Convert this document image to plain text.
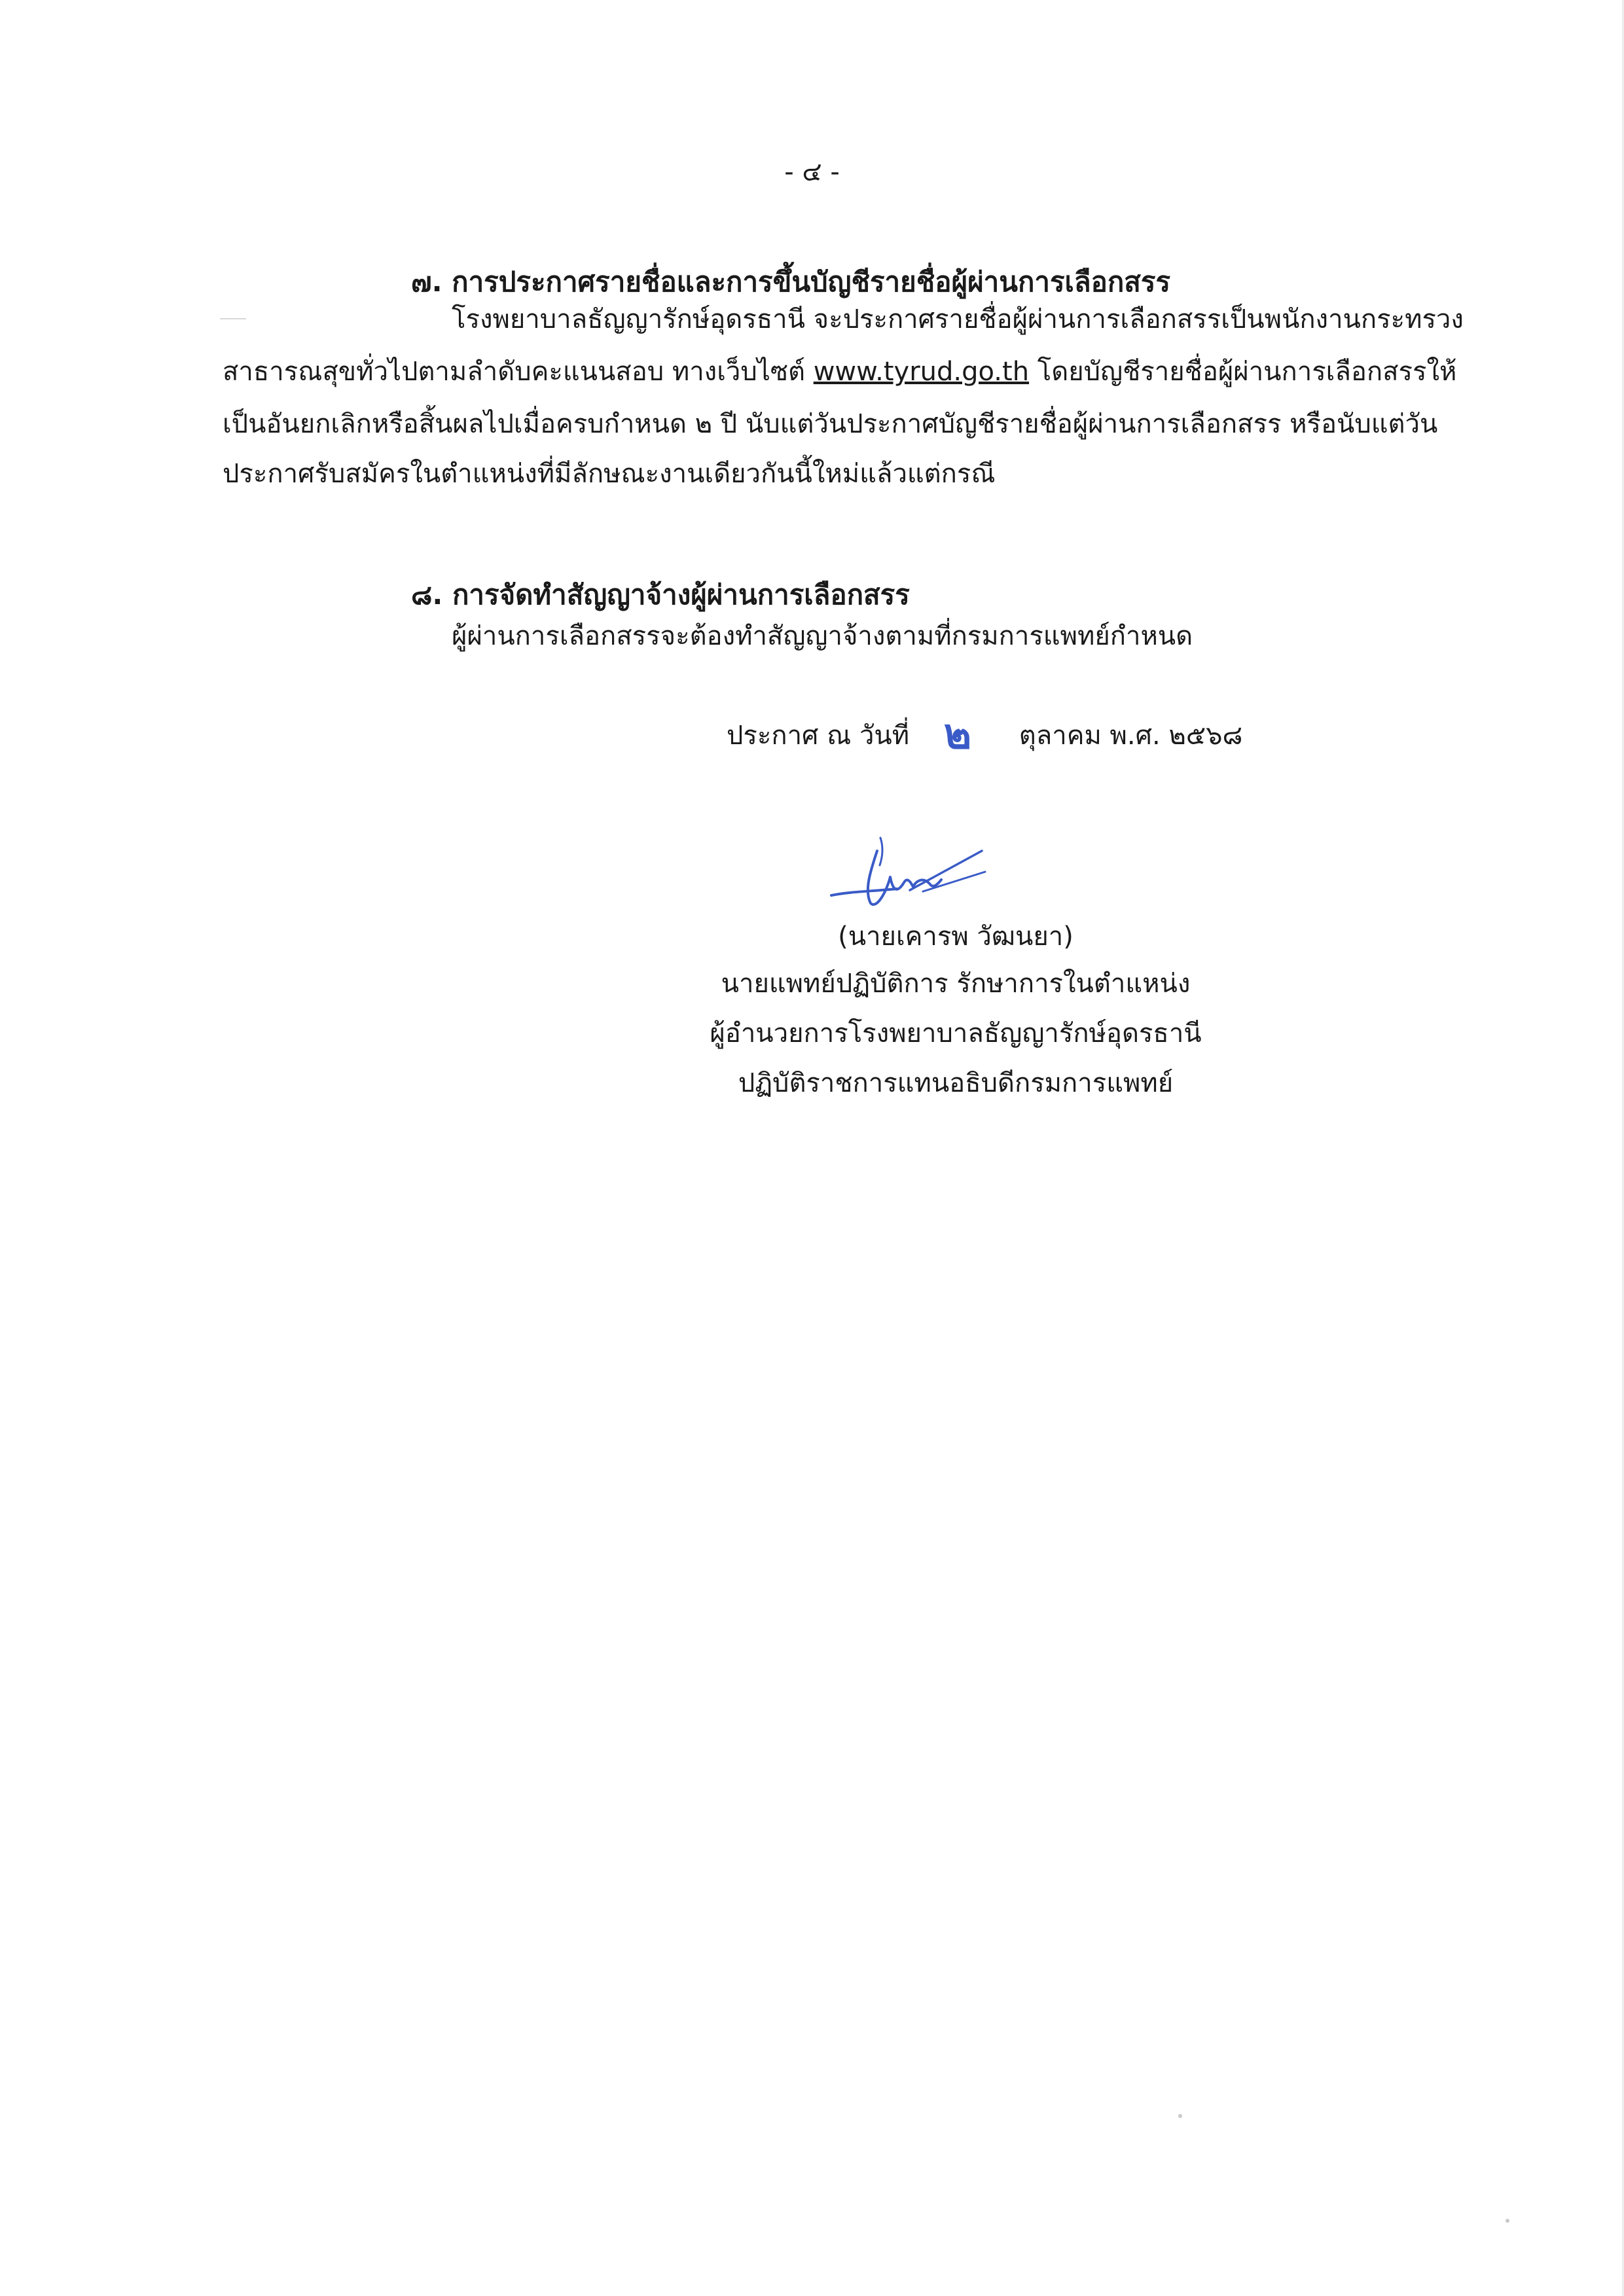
- ๔ -
๗. การประกาศรายชื่อและการขึ้นบัญชีรายชื่อผู้ผ่านการเลือกสรร
โรงพยาบาลธัญญารักษ์อุดรธานี จะประกาศรายชื่อผู้ผ่านการเลือกสรรเป็นพนักงานกระทรวง
สาธารณสุขทั่วไปตามลำดับคะแนนสอบ ทางเว็บไซต์ www.tyrud.go.th โดยบัญชีรายชื่อผู้ผ่านการเลือกสรรให้
เป็นอันยกเลิกหรือสิ้นผลไปเมื่อครบกำหนด ๒ ปี นับแต่วันประกาศบัญชีรายชื่อผู้ผ่านการเลือกสรร หรือนับแต่วัน
ประกาศรับสมัครในตำแหน่งที่มีลักษณะงานเดียวกันนี้ใหม่แล้วแต่กรณี
๘. การจัดทำสัญญาจ้างผู้ผ่านการเลือกสรร
ผู้ผ่านการเลือกสรรจะต้องทำสัญญาจ้างตามที่กรมการแพทย์กำหนด
ประกาศ ณ วันที่ ๒ ตุลาคม พ.ศ. ๒๕๖๘
(นายเคารพ วัฒนยา)
นายแพทย์ปฏิบัติการ รักษาการในตำแหน่ง
ผู้อำนวยการโรงพยาบาลธัญญารักษ์อุดรธานี
ปฏิบัติราชการแทนอธิบดีกรมการแพทย์
